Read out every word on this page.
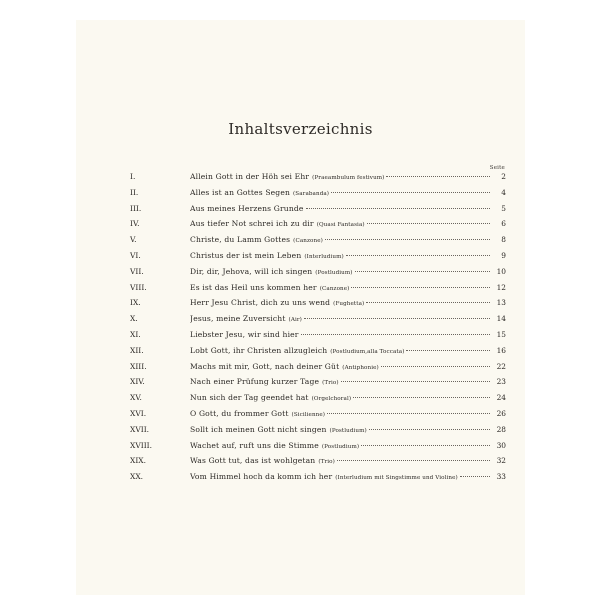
Inhaltsverzeichnis
Seite
I.	Allein Gott in der Höh sei Ehr (Praeambulum festivum)	2
II.	Alles ist an Gottes Segen (Sarabanda)	4
III.	Aus meines Herzens Grunde	5
IV.	Aus tiefer Not schrei ich zu dir (Quasi Fantasia)	6
V.	Christe, du Lamm Gottes (Canzone)	8
VI.	Christus der ist mein Leben (Interludium)	9
VII.	Dir, dir, Jehova, will ich singen (Postludium)	10
VIII.	Es ist das Heil uns kommen her (Canzone)	12
IX.	Herr Jesu Christ, dich zu uns wend (Fughetta)	13
X.	Jesus, meine Zuversicht (Air)	14
XI.	Liebster Jesu, wir sind hier	15
XII.	Lobt Gott, ihr Christen allzugleich (Postludium,alla Toccata)	16
XIII.	Machs mit mir, Gott, nach deiner Güt (Antiphonie)	22
XIV.	Nach einer Prüfung kurzer Tage (Trio)	23
XV.	Nun sich der Tag geendet hat (Orgelchoral)	24
XVI.	O Gott, du frommer Gott (Sicilienne)	26
XVII.	Sollt ich meinen Gott nicht singen (Postludium)	28
XVIII.	Wachet auf, ruft uns die Stimme (Postludium)	30
XIX.	Was Gott tut, das ist wohlgetan (Trio)	32
XX.	Vom Himmel hoch da komm ich her (Interludium mit Singstimme und Violine)	33
